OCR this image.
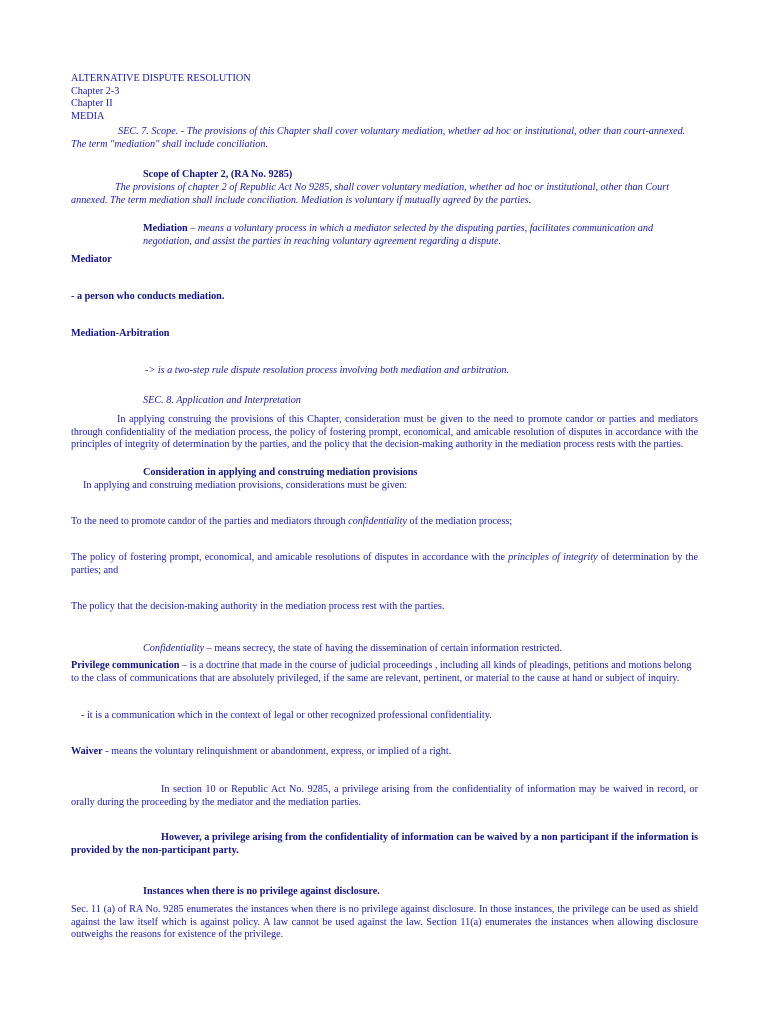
ALTERNATIVE DISPUTE RESOLUTION

Chapter 2-3

Chapter II

MEDIA

SEC. 7. Scope. - The provisions of this Chapter shall cover voluntary mediation, whether ad hoc or institutional, other than court-annexed. The term "mediation" shall include conciliation.

Scope of Chapter 2, (RA No. 9285)

The provisions of chapter 2 of Republic Act No 9285, shall cover voluntary mediation, whether ad hoc or institutional, other than Court annexed. The term mediation shall include conciliation. Mediation is voluntary if mutually agreed by the parties.

Mediation – means a voluntary process in which a mediator selected by the disputing parties, facilitates communication and negotiation, and assist the parties in reaching voluntary agreement regarding a dispute.

Mediator

- a person who conducts mediation.

Mediation-Arbitration

-> is a two-step rule dispute resolution process involving both mediation and arbitration.

SEC. 8. Application and Interpretation

In applying construing the provisions of this Chapter, consideration must be given to the need to promote candor or parties and mediators through confidentiality of the mediation process, the policy of fostering prompt, economical, and amicable resolution of disputes in accordance with the principles of integrity of determination by the parties, and the policy that the decision-making authority in the mediation process rests with the parties.

Consideration in applying and construing mediation provisions

In applying and construing mediation provisions, considerations must be given:

To the need to promote candor of the parties and mediators through confidentiality of the mediation process;

The policy of fostering prompt, economical, and amicable resolutions of disputes in accordance with the principles of integrity of determination by the parties; and

The policy that the decision-making authority in the mediation process rest with the parties.

Confidentiality – means secrecy, the state of having the dissemination of certain information restricted.

Privilege communication – is a doctrine that made in the course of judicial proceedings , including all kinds of pleadings, petitions and motions belong to the class of communications that are absolutely privileged, if the same are relevant, pertinent, or material to the cause at hand or subject of inquiry.

- it is a communication which in the context of legal or other recognized professional confidentiality.

Waiver - means the voluntary relinquishment or abandonment, express, or implied of a right.

In section 10 or Republic Act No. 9285, a privilege arising from the confidentiality of information may be waived in record, or orally during the proceeding by the mediator and the mediation parties.

However, a privilege arising from the confidentiality of information can be waived by a non participant if the information is provided by the non-participant party.

Instances when there is no privilege against disclosure.

Sec. 11 (a) of RA No. 9285 enumerates the instances when there is no privilege against disclosure. In those instances, the privilege can be used as shield against the law itself which is against policy. A law cannot be used against the law. Section 11(a) enumerates the instances when allowing disclosure outweighs the reasons for existence of the privilege.
